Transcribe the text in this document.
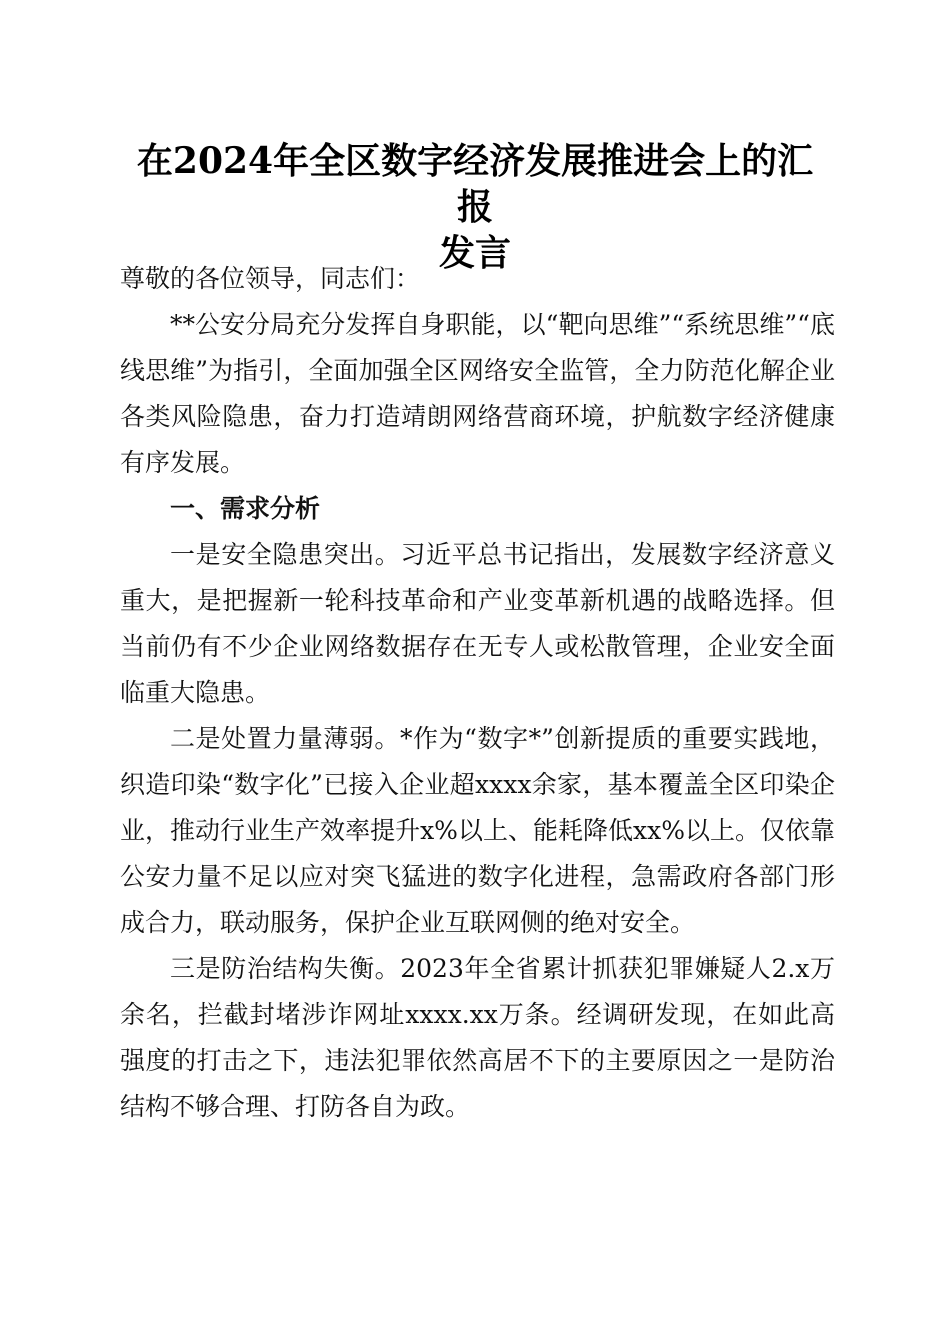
在2024年全区数字经济发展推进会上的汇报
发言

尊敬的各位领导，同志们：

**公安分局充分发挥自身职能，以“靶向思维”“系统思维”“底线思维”为指引，全面加强全区网络安全监管，全力防范化解企业各类风险隐患，奋力打造靖朗网络营商环境，护航数字经济健康有序发展。

一、需求分析

一是安全隐患突出。习近平总书记指出，发展数字经济意义重大，是把握新一轮科技革命和产业变革新机遇的战略选择。但当前仍有不少企业网络数据存在无专人或松散管理，企业安全面临重大隐患。

二是处置力量薄弱。*作为“数字*”创新提质的重要实践地，织造印染“数字化”已接入企业超xxxx余家，基本覆盖全区印染企业，推动行业生产效率提升x%以上、能耗降低xx%以上。仅依靠公安力量不足以应对突飞猛进的数字化进程，急需政府各部门形成合力，联动服务，保护企业互联网侧的绝对安全。

三是防治结构失衡。2023年全省累计抓获犯罪嫌疑人2.x万余名，拦截封堵涉诈网址xxxx.xx万条。经调研发现，在如此高强度的打击之下，违法犯罪依然高居不下的主要原因之一是防治结构不够合理、打防各自为政。
